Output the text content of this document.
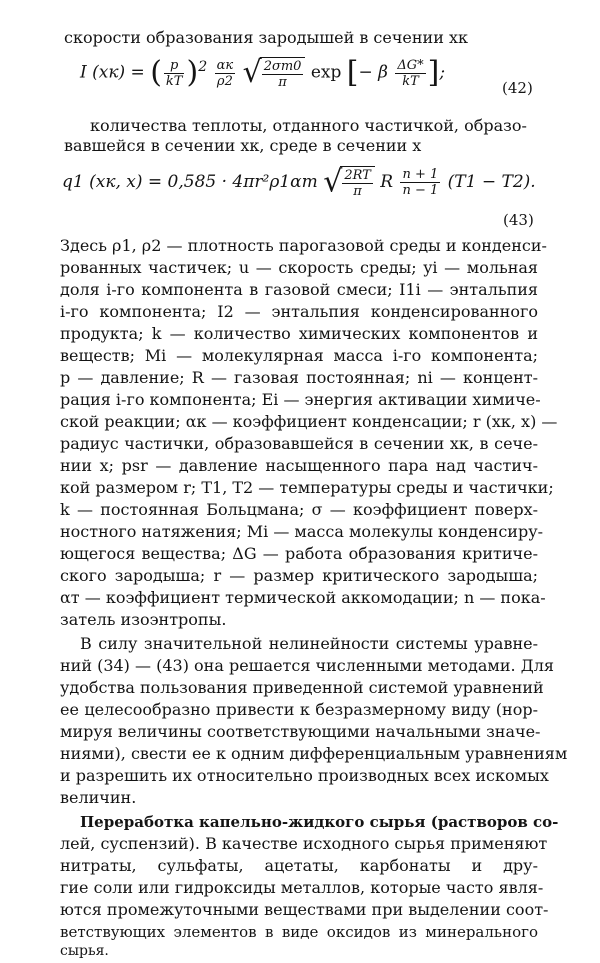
скорости образования зародышей в сечении xк
I (xк) = ( $\frac{p}{kT} )^2 \frac{\alpha к}{\rho 2}$ √ $\frac{2\sigma m0}{\pi}$ exp [− β $\frac{\Delta G*}{kT}$ ];
(42)
количества теплоты, отданного частичкой, образо-
вавшейся в сечении xк, среде в сечении x
q1 (xк, x) = 0,585 · 4πr²ρ1αт √ $\frac{2RT}{\pi}$ R $\frac{n + 1}{n - 1} (T1 - T2)$.
(43)
Здесь ρ1, ρ2 — плотность парогазовой среды и конденси-
рованных частичек; u — скорость среды; yi — мольная
доля i-го компонента в газовой смеси; I1i — энтальпия
i-го компонента; I2 — энтальпия конденсированного
продукта; k — количество химических компонентов и
веществ; Mi — молекулярная масса i-го компонента;
p — давление; R — газовая постоянная; ni — концент-
рация i-го компонента; Ei — энергия активации химиче-
ской реакции; αк — коэффициент конденсации; r (xк, x) —
радиус частички, образовавшейся в сечении xк, в сече-
нии x; psr — давление насыщенного пара над частич-
кой размером r; T1, T2 — температуры среды и частички;
k — постоянная Больцмана; σ — коэффициент поверх-
ностного натяжения; Mi — масса молекулы конденсиру-
ющегося вещества; ΔG — работа образования критиче-
ского зародыша; r — размер критического зародыша;
αт — коэффициент термической аккомодации; n — пока-
затель изоэнтропы.
В силу значительной нелинейности системы уравне-
ний (34) — (43) она решается численными методами. Для
удобства пользования приведенной системой уравнений
ее целесообразно привести к безразмерному виду (нор-
мируя величины соответствующими начальными значе-
ниями), свести ее к одним дифференциальным уравнениям
и разрешить их относительно производных всех искомых
величин.
Переработка капельно-жидкого сырья (растворов со-
лей, суспензий). В качестве исходного сырья применяют
нитраты, сульфаты, ацетаты, карбонаты и дру-
гие соли или гидроксиды металлов, которые часто явля-
ются промежуточными веществами при выделении соот-
ветствующих элементов в виде оксидов из минерального
сырья.
